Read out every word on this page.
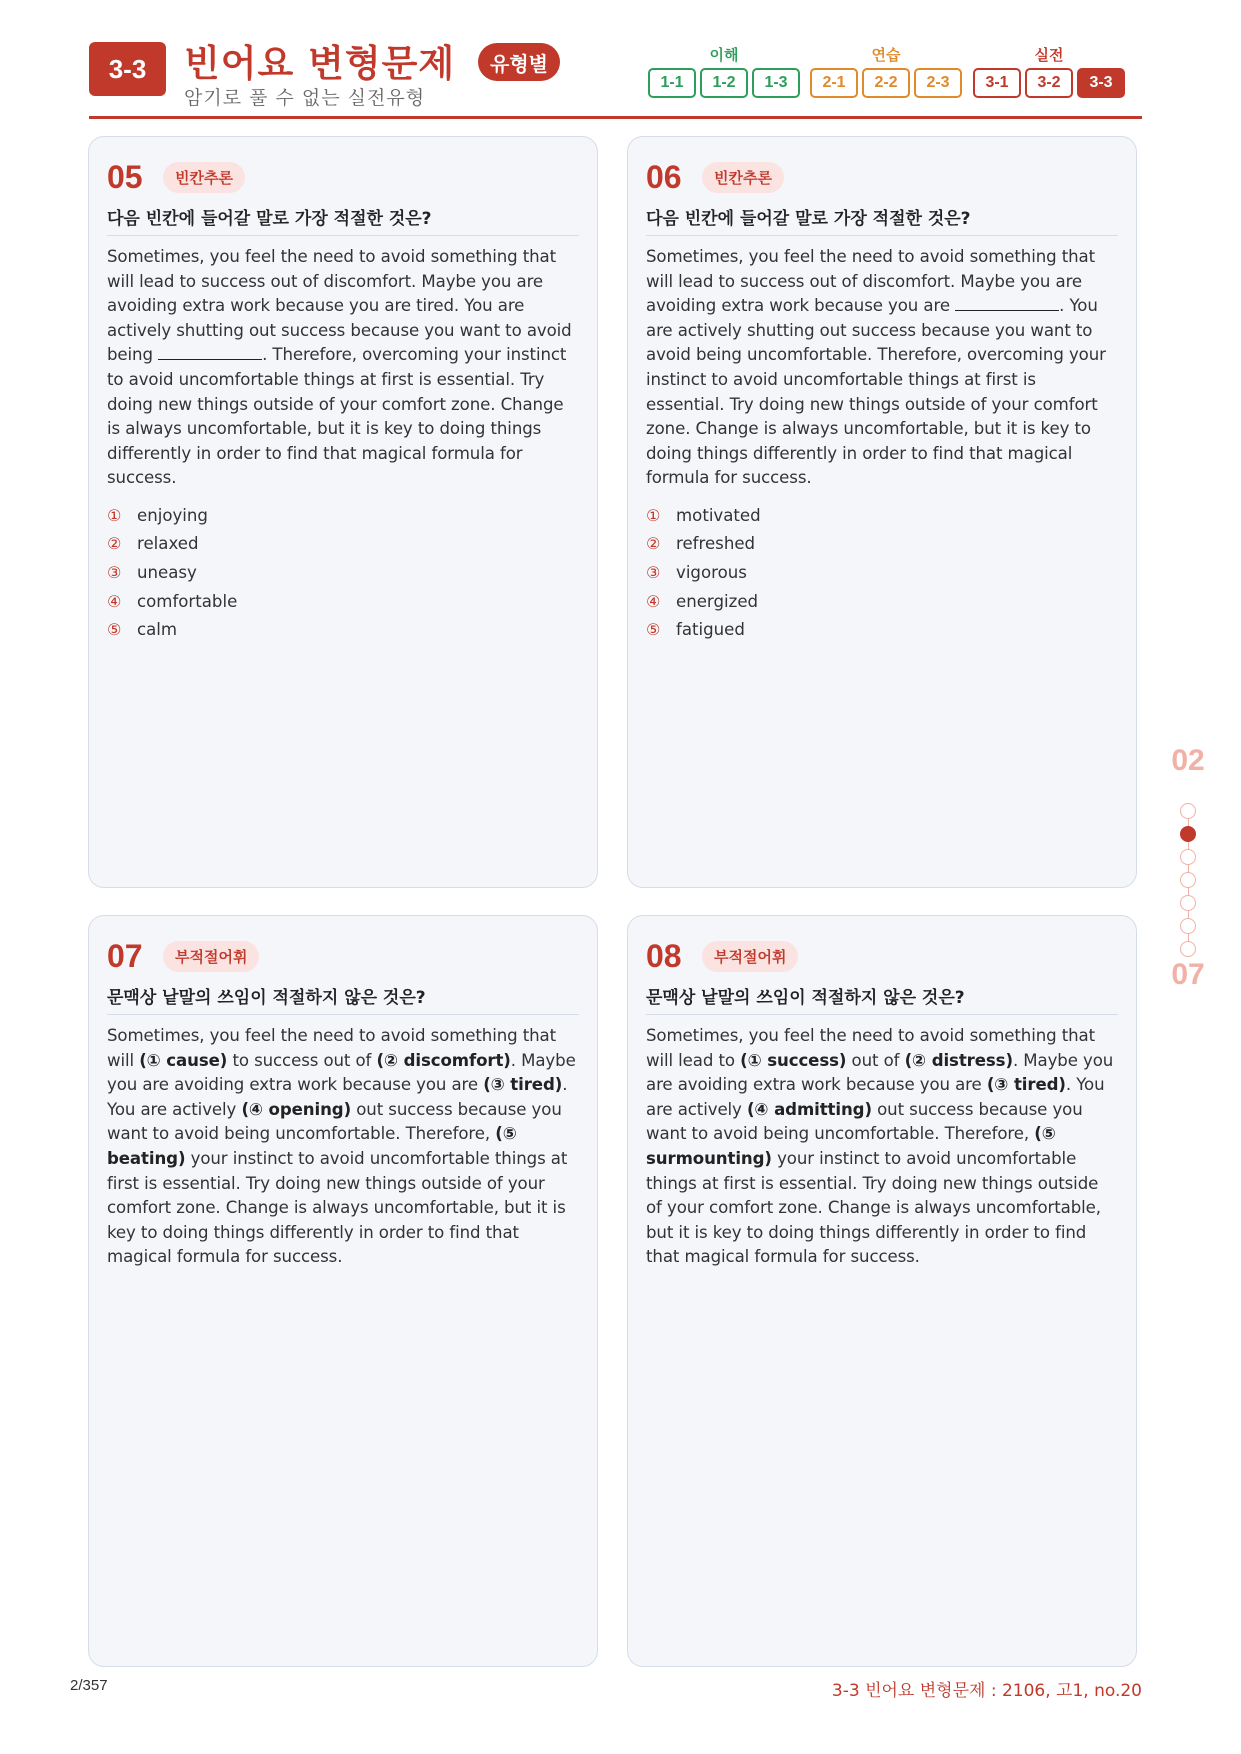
3-3	빈어요 변형문제	유형별
암기로 풀 수 없는 실전유형
이해
1-1	1-2	1-3
연습
2-1	2-2	2-3
실전
3-1	3-2	3-3
05	빈칸추론
다음 빈칸에 들어갈 말로 가장 적절한 것은?
Sometimes, you feel the need to avoid something that will lead to success out of discomfort. Maybe you are avoiding extra work because you are tired. You are actively shutting out success because you want to avoid being	. Therefore, overcoming your instinct to avoid uncomfortable things at first is essential. Try doing new things outside of your comfort zone. Change is always uncomfortable, but it is key to doing things differently in order to find that magical formula for success.
① enjoying
② relaxed
③ uneasy
④ comfortable
⑤ calm
06	빈칸추론
다음 빈칸에 들어갈 말로 가장 적절한 것은?
Sometimes, you feel the need to avoid something that will lead to success out of discomfort. Maybe you are avoiding extra work because you are	. You are actively shutting out success because you want to avoid being uncomfortable. Therefore, overcoming your instinct to avoid uncomfortable things at first is essential. Try doing new things outside of your comfort zone. Change is always uncomfortable, but it is key to doing things differently in order to find that magical formula for success.
① motivated
② refreshed
③ vigorous
④ energized
⑤ fatigued
07	부적절어휘
문맥상 낱말의 쓰임이 적절하지 않은 것은?
Sometimes, you feel the need to avoid something that will (① cause) to success out of (② discomfort). Maybe you are avoiding extra work because you are (③ tired). You are actively (④ opening) out success because you want to avoid being uncomfortable. Therefore, (⑤ beating) your instinct to avoid uncomfortable things at first is essential. Try doing new things outside of your comfort zone. Change is always uncomfortable, but it is key to doing things differently in order to find that magical formula for success.
08	부적절어휘
문맥상 낱말의 쓰임이 적절하지 않은 것은?
Sometimes, you feel the need to avoid something that will lead to (① success) out of (② distress). Maybe you are avoiding extra work because you are (③ tired). You are actively (④ admitting) out success because you want to avoid being uncomfortable. Therefore, (⑤ surmounting) your instinct to avoid uncomfortable things at first is essential. Try doing new things outside of your comfort zone. Change is always uncomfortable, but it is key to doing things differently in order to find that magical formula for success.
02
07
2/357	3-3 빈어요 변형문제 : 2106, 고1, no.20
